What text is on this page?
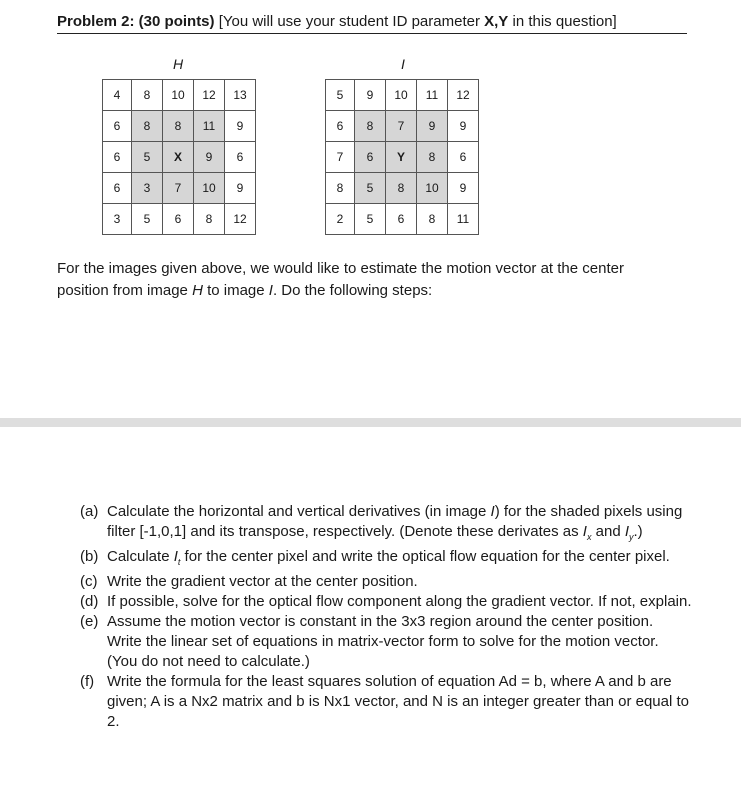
Problem 2: (30 points) [You will use your student ID parameter X,Y in this question]
H	I
4	8	10	12	13
6	8	8	11	9
6	5	X	9	6
6	3	7	10	9
3	5	6	8	12
5	9	10	11	12
6	8	7	9	9
7	6	Y	8	6
8	5	8	10	9
2	5	6	8	11
For the images given above, we would like to estimate the motion vector at the center position from image H to image I. Do the following steps:
(a) Calculate the horizontal and vertical derivatives (in image I) for the shaded pixels using filter [-1,0,1] and its transpose, respectively. (Denote these derivates as $I_x$ and $I_y$.)
(b) Calculate $I_t$ for the center pixel and write the optical flow equation for the center pixel.
(c) Write the gradient vector at the center position.
(d) If possible, solve for the optical flow component along the gradient vector. If not, explain.
(e) Assume the motion vector is constant in the 3x3 region around the center position. Write the linear set of equations in matrix-vector form to solve for the motion vector. (You do not need to calculate.)
(f) Write the formula for the least squares solution of equation Ad = b, where A and b are given; A is a Nx2 matrix and b is Nx1 vector, and N is an integer greater than or equal to 2.
